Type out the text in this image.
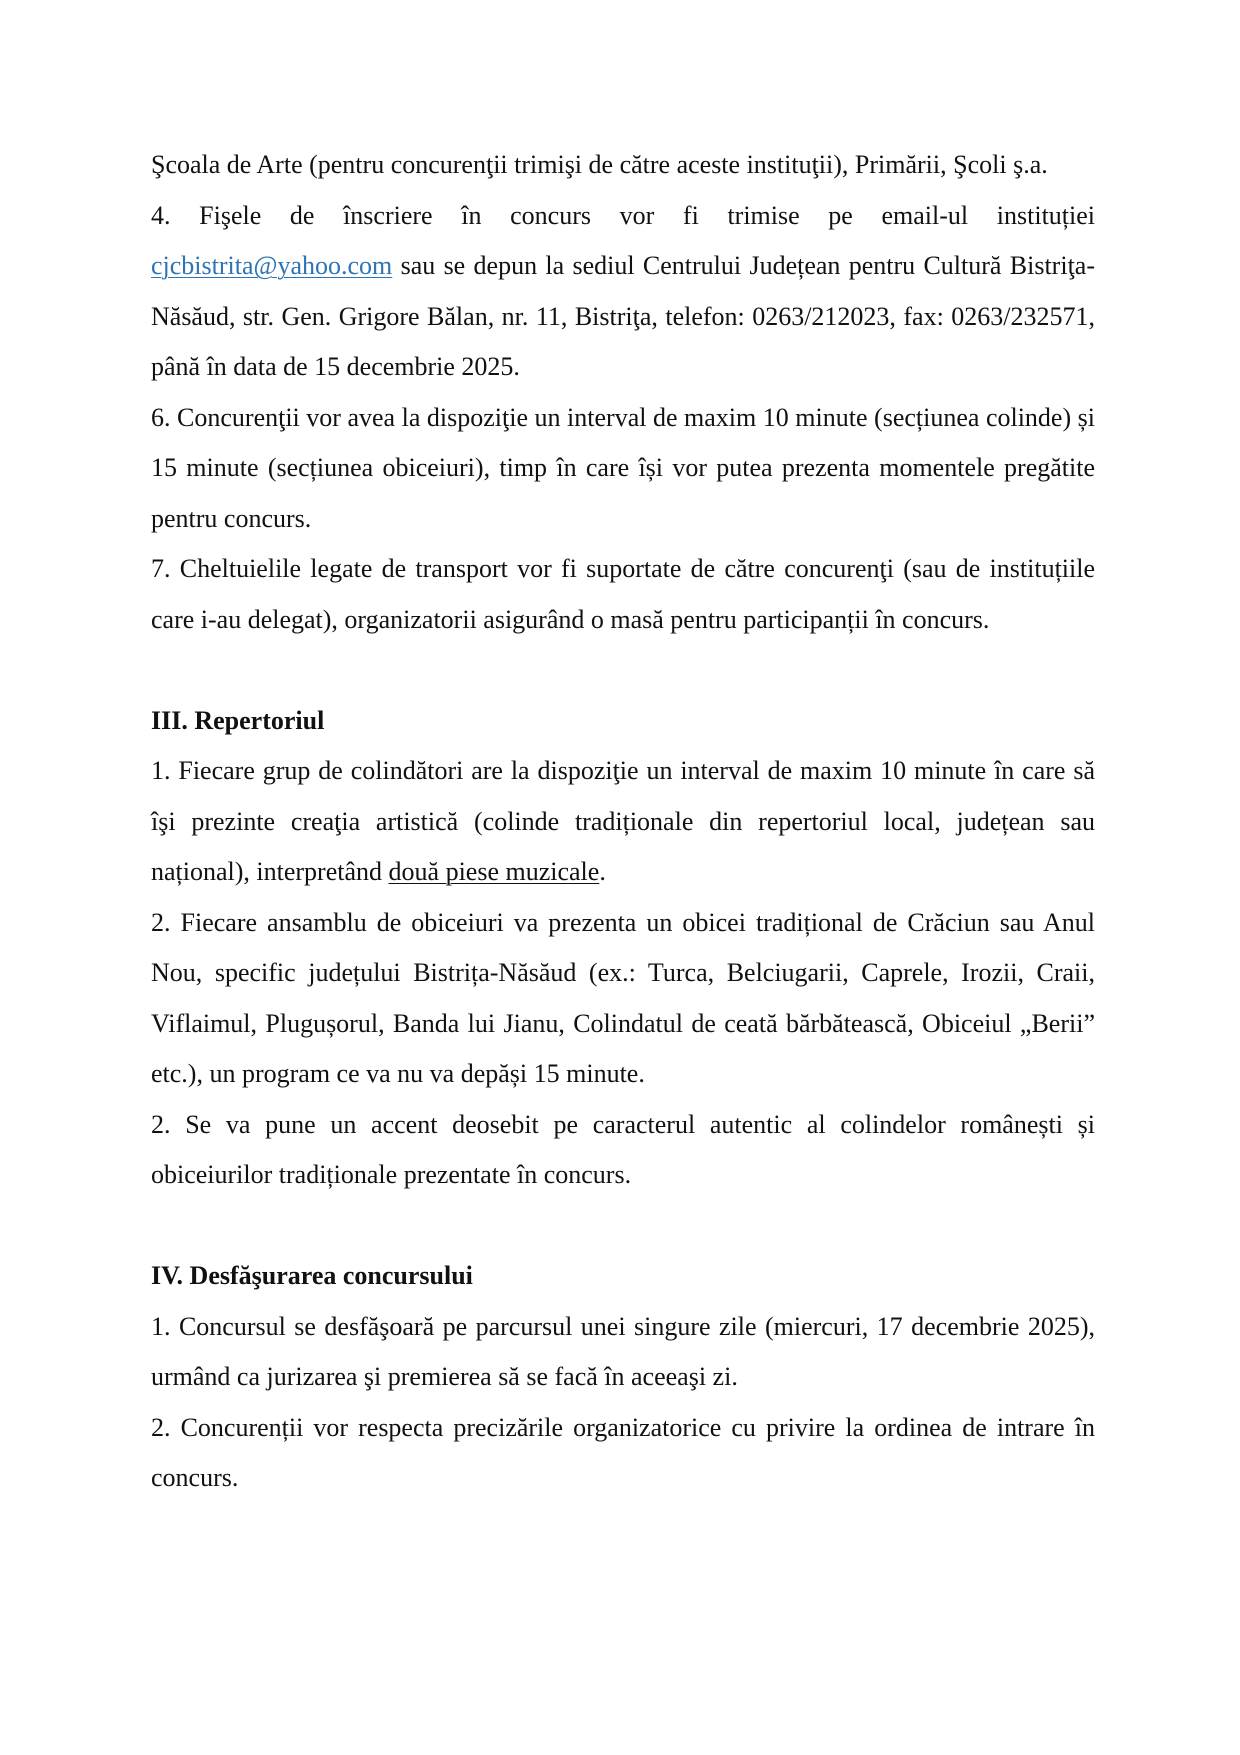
Şcoala de Arte (pentru concurenţii trimişi de către aceste instituţii), Primării, Şcoli ş.a.

4. Fişele de înscriere în concurs vor fi trimise pe email-ul instituției cjcbistrita@yahoo.com sau se depun la sediul Centrului Județean pentru Cultură Bistriţa-Năsăud, str. Gen. Grigore Bălan, nr. 11, Bistriţa, telefon: 0263/212023, fax: 0263/232571, până în data de 15 decembrie 2025.

6. Concurenţii vor avea la dispoziţie un interval de maxim 10 minute (secțiunea colinde) și 15 minute (secțiunea obiceiuri), timp în care își vor putea prezenta momentele pregătite pentru concurs.

7. Cheltuielile legate de transport vor fi suportate de către concurenţi (sau de instituțiile care i-au delegat), organizatorii asigurând o masă pentru participanții în concurs.

III. Repertoriul

1. Fiecare grup de colindători are la dispoziţie un interval de maxim 10 minute în care să îşi prezinte creaţia artistică (colinde tradiționale din repertoriul local, județean sau național), interpretând două piese muzicale.

2. Fiecare ansamblu de obiceiuri va prezenta un obicei tradițional de Crăciun sau Anul Nou, specific județului Bistrița-Năsăud (ex.: Turca, Belciugarii, Caprele, Irozii, Craii, Viflaimul, Plugușorul, Banda lui Jianu, Colindatul de ceată bărbătească, Obiceiul „Berii” etc.), un program ce va nu va depăși 15 minute.

2. Se va pune un accent deosebit pe caracterul autentic al colindelor românești și obiceiurilor tradiționale prezentate în concurs.

IV. Desfăşurarea concursului

1. Concursul se desfăşoară pe parcursul unei singure zile (miercuri, 17 decembrie 2025), urmând ca jurizarea şi premierea să se facă în aceeaşi zi.

2. Concurenții vor respecta precizările organizatorice cu privire la ordinea de intrare în concurs.
